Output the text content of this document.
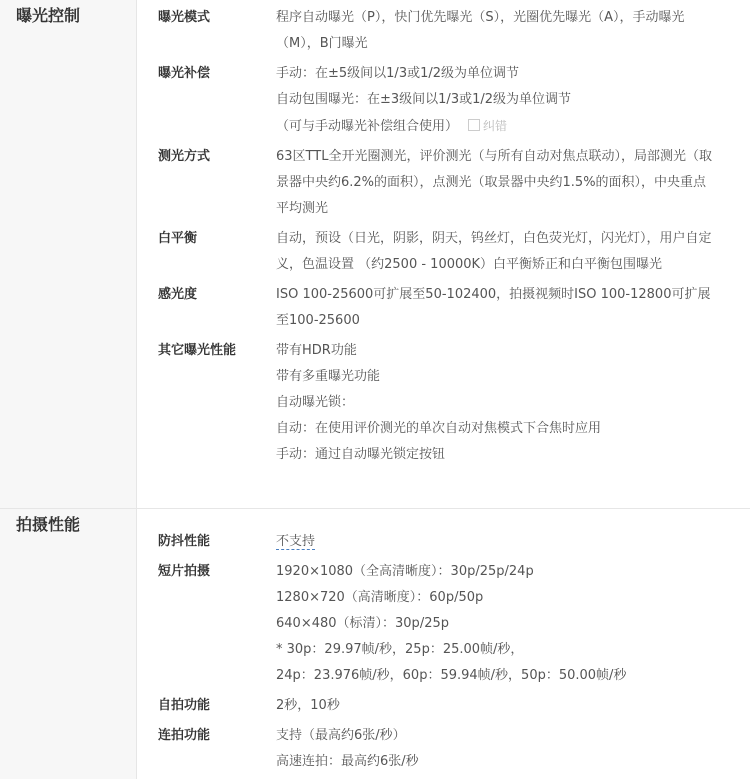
曝光控制	曝光模式	程序自动曝光（P），快门优先曝光（S），光圈优先曝光（A），手动曝光（M），B门曝光
曝光补偿	手动：在±5级间以1/3或1/2级为单位调节
自动包围曝光：在±3级间以1/3或1/2级为单位调节
（可与手动曝光补偿组合使用） 纠错
测光方式	63区TTL全开光圈测光，评价测光（与所有自动对焦点联动），局部测光（取景器中央约6.2%的面积），点测光（取景器中央约1.5%的面积），中央重点平均测光
白平衡	自动，预设（日光，阴影，阴天，钨丝灯，白色荧光灯，闪光灯），用户自定义，色温设置 （约2500 - 10000K）白平衡矫正和白平衡包围曝光
感光度	ISO 100-25600可扩展至50-102400，拍摄视频时ISO 100-12800可扩展至100-25600
其它曝光性能	带有HDR功能
带有多重曝光功能
自动曝光锁：
自动：在使用评价测光的单次自动对焦模式下合焦时应用
手动：通过自动曝光锁定按钮
拍摄性能
防抖性能	不支持
短片拍摄	1920×1080（全高清晰度）：30p/25p/24p
1280×720（高清晰度）：60p/50p
640×480（标清）：30p/25p
* 30p：29.97帧/秒，25p：25.00帧/秒，
24p：23.976帧/秒，60p：59.94帧/秒，50p：50.00帧/秒
自拍功能	2秒，10秒
连拍功能	支持（最高约6张/秒）
高速连拍：最高约6张/秒
